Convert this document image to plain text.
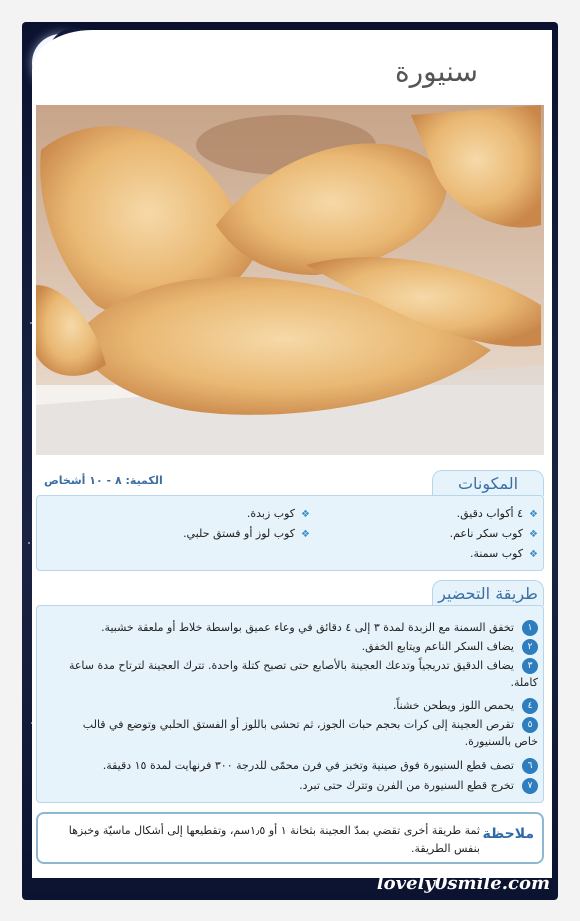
سنيورة
المكونات
الكمية: ٨ - ١٠ أشخاص
❖٤ أكواب دقيق.
❖كوب زبدة.
❖كوب سكر ناعم.
❖كوب لوز أو فستق حلبي.
❖كوب سمنة.
طريقة التحضير
١تخفق السمنة مع الزبدة لمدة ٣ إلى ٤ دقائق في وعاء عميق بواسطة خلاط أو ملعقة خشبية.
٢يضاف السكر الناعم ويتابع الخفق.
٣يضاف الدقيق تدريجياً وتدعك العجينة بالأصابع حتى تصبح كتلة واحدة. تترك العجينة لترتاح مدة ساعة كاملة.
٤يحمص اللوز ويطحن خشناً.
٥تقرص العجينة إلى كرات بحجم حبات الجوز، ثم تحشى باللوز أو الفستق الحلبي وتوضع في قالب خاص بالسنيورة.
٦تصف قطع السنيورة فوق صينية وتخبز في فرن محمّى للدرجة ٣٠٠ فرنهايت لمدة ١٥ دقيقة.
٧تخرج قطع السنيورة من الفرن وتترك حتى تبرد.
ملاحظة
ثمة طريقة أخرى تقضي بمدّ العجينة بثخانة ١ أو ١٫٥سم، وتقطيعها إلى أشكال ماسيّة وخبزها بنفس الطريقة.
lovely0smile.com
